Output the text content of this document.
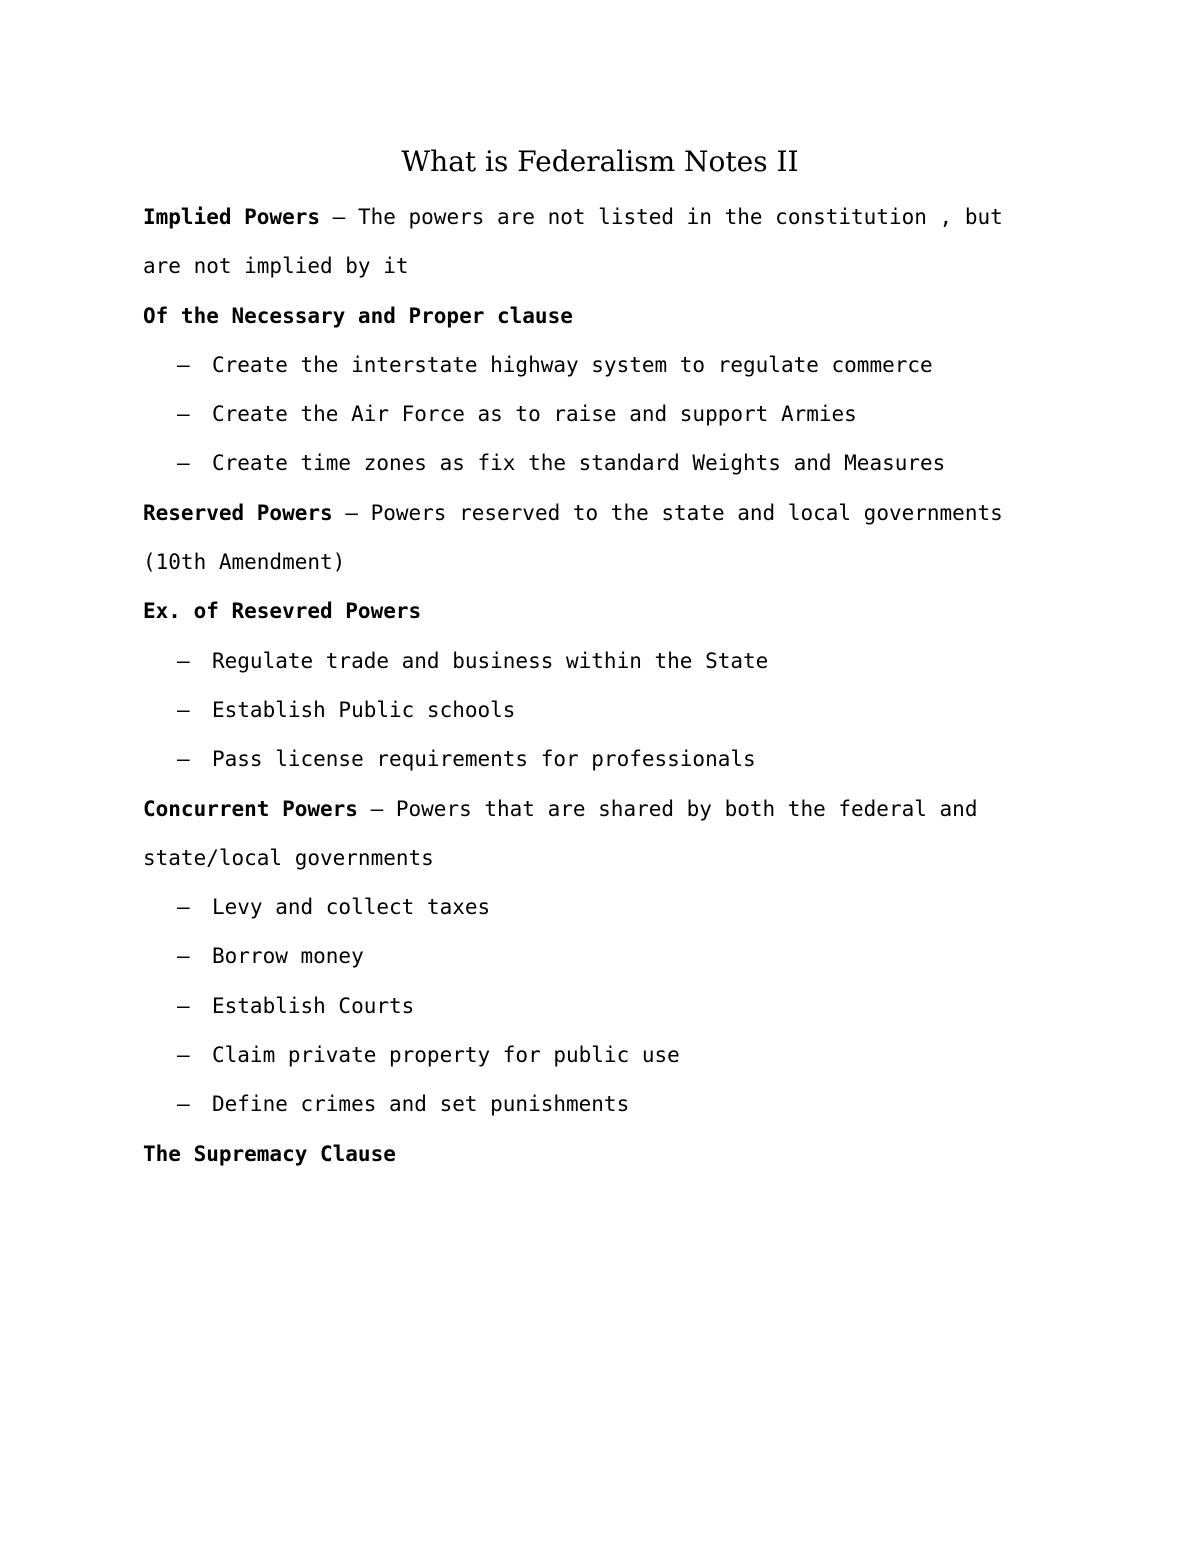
What is Federalism Notes II

Implied Powers – The powers are not listed in the constitution , but

are not implied by it

Of the Necessary and Proper clause

– Create the interstate highway system to regulate commerce

– Create the Air Force as to raise and support Armies

– Create time zones as fix the standard Weights and Measures

Reserved Powers – Powers reserved to the state and local governments

(10th Amendment)

Ex. of Resevred Powers

– Regulate trade and business within the State

– Establish Public schools

– Pass license requirements for professionals

Concurrent Powers – Powers that are shared by both the federal and

state/local governments

– Levy and collect taxes

– Borrow money

– Establish Courts

– Claim private property for public use

– Define crimes and set punishments

The Supremacy Clause
